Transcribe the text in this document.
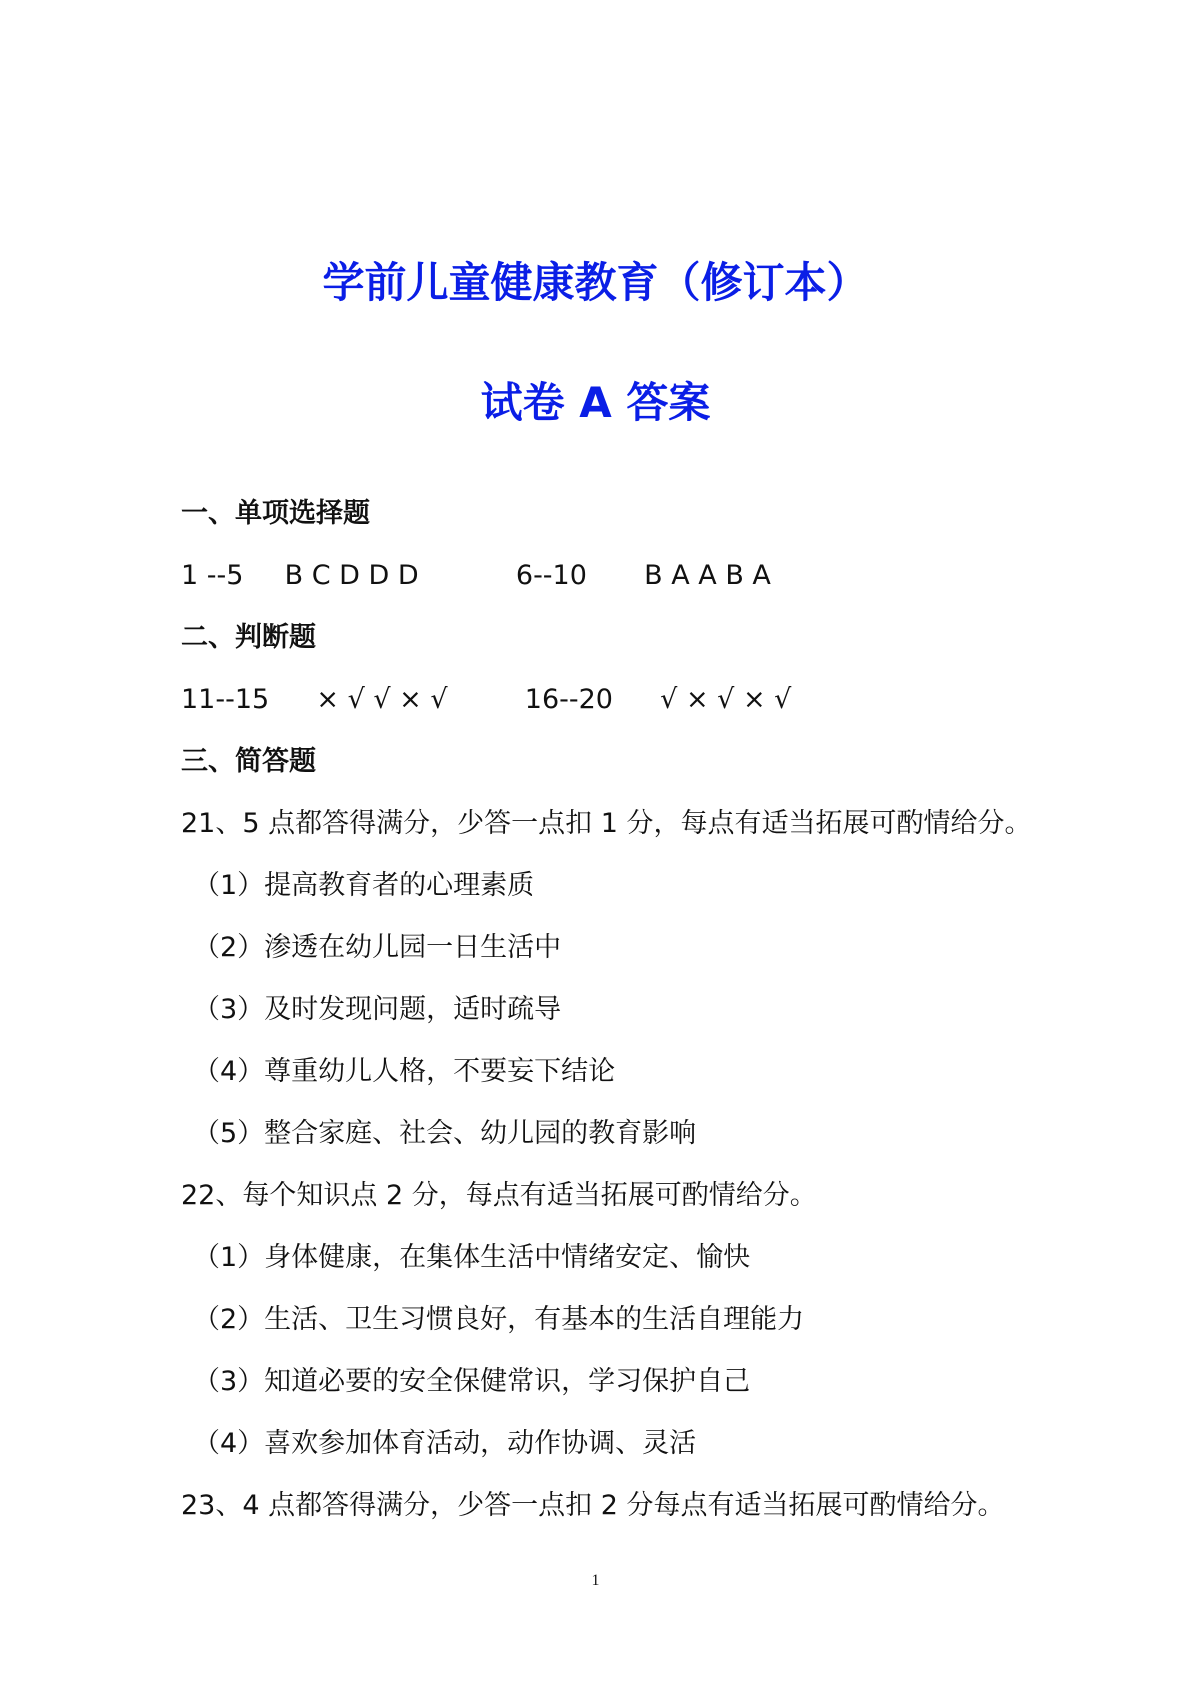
学前儿童健康教育（修订本）
试卷 A 答案
一、单项选择题
1 --5 B C D D D	6--10 B A A B A
二、判断题
11--15 × √ √ × √	16--20 √ × √ × √
三、简答题
21、5 点都答得满分，少答一点扣 1 分，每点有适当拓展可酌情给分。
（1）提高教育者的心理素质
（2）渗透在幼儿园一日生活中
（3）及时发现问题，适时疏导
（4）尊重幼儿人格，不要妄下结论
（5）整合家庭、社会、幼儿园的教育影响
22、每个知识点 2 分，每点有适当拓展可酌情给分。
（1）身体健康，在集体生活中情绪安定、愉快
（2）生活、卫生习惯良好，有基本的生活自理能力
（3）知道必要的安全保健常识，学习保护自己
（4）喜欢参加体育活动，动作协调、灵活
23、4 点都答得满分，少答一点扣 2 分每点有适当拓展可酌情给分。
1
